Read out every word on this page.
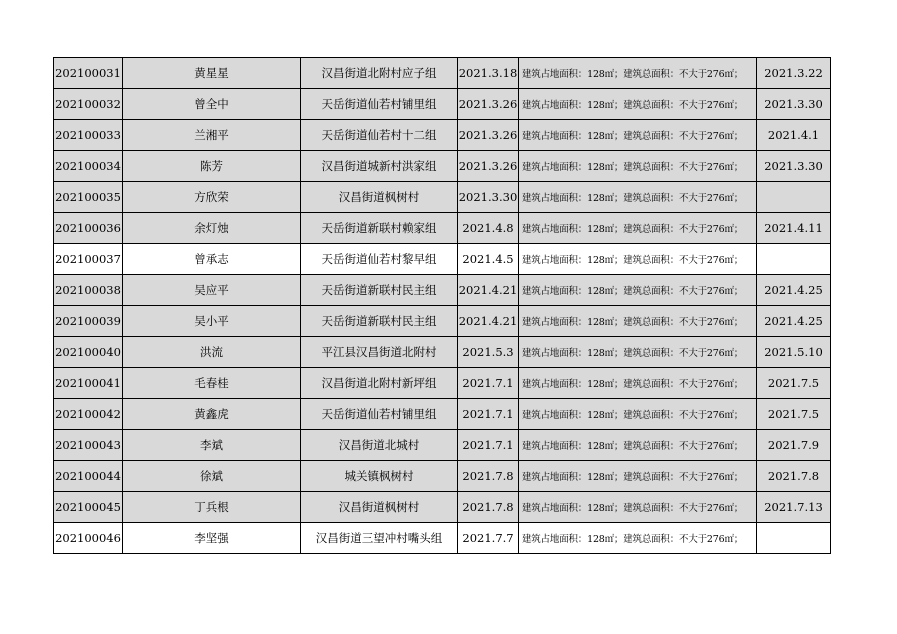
202100031	黄星星	汉昌街道北附村应子组	2021.3.18	建筑占地面积：128㎡；建筑总面积：不大于276㎡；	2021.3.22
202100032	曾全中	天岳街道仙若村铺里组	2021.3.26	建筑占地面积：128㎡；建筑总面积：不大于276㎡；	2021.3.30
202100033	兰湘平	天岳街道仙若村十二组	2021.3.26	建筑占地面积：128㎡；建筑总面积：不大于276㎡；	2021.4.1
202100034	陈芳	汉昌街道城新村洪家组	2021.3.26	建筑占地面积：128㎡；建筑总面积：不大于276㎡；	2021.3.30
202100035	方欣荣	汉昌街道枫树村	2021.3.30	建筑占地面积：128㎡；建筑总面积：不大于276㎡；	
202100036	余灯烛	天岳街道新联村赖家组	2021.4.8	建筑占地面积：128㎡；建筑总面积：不大于276㎡；	2021.4.11
202100037	曾承志	天岳街道仙若村黎早组	2021.4.5	建筑占地面积：128㎡；建筑总面积：不大于276㎡；	
202100038	吴应平	天岳街道新联村民主组	2021.4.21	建筑占地面积：128㎡；建筑总面积：不大于276㎡；	2021.4.25
202100039	吴小平	天岳街道新联村民主组	2021.4.21	建筑占地面积：128㎡；建筑总面积：不大于276㎡；	2021.4.25
202100040	洪流	平江县汉昌街道北附村	2021.5.3	建筑占地面积：128㎡；建筑总面积：不大于276㎡；	2021.5.10
202100041	毛春桂	汉昌街道北附村新坪组	2021.7.1	建筑占地面积：128㎡；建筑总面积：不大于276㎡；	2021.7.5
202100042	黄鑫虎	天岳街道仙若村铺里组	2021.7.1	建筑占地面积：128㎡；建筑总面积：不大于276㎡；	2021.7.5
202100043	李斌	汉昌街道北城村	2021.7.1	建筑占地面积：128㎡；建筑总面积：不大于276㎡；	2021.7.9
202100044	徐斌	城关镇枫树村	2021.7.8	建筑占地面积：128㎡；建筑总面积：不大于276㎡；	2021.7.8
202100045	丁兵根	汉昌街道枫树村	2021.7.8	建筑占地面积：128㎡；建筑总面积：不大于276㎡；	2021.7.13
202100046	李坚强	汉昌街道三望冲村嘴头组	2021.7.7	建筑占地面积：128㎡；建筑总面积：不大于276㎡；	
